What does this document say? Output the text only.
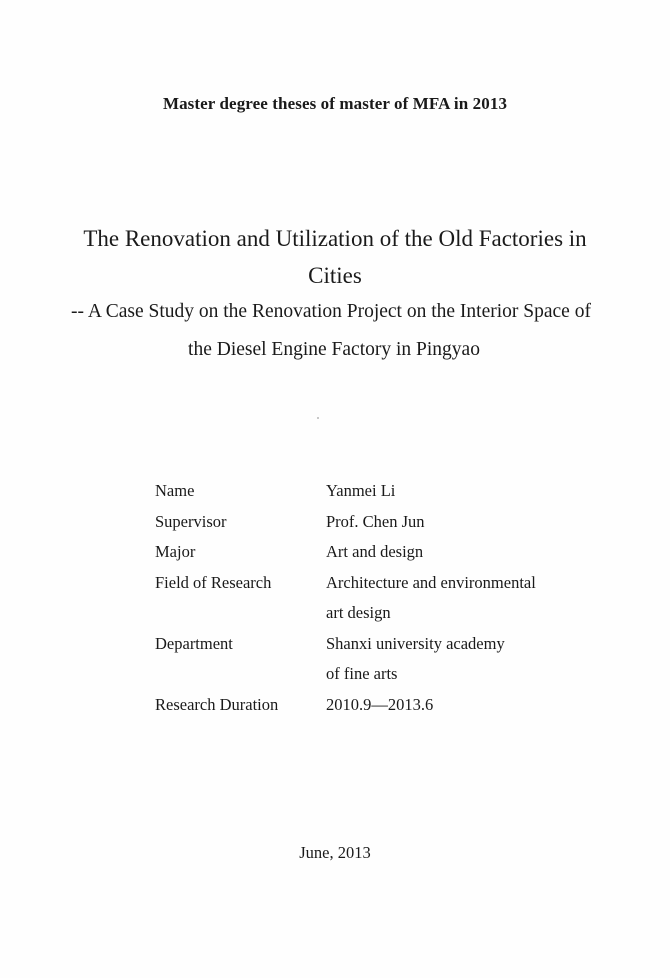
Master degree theses of master of MFA in 2013
The Renovation and Utilization of the Old Factories in
Cities
-- A Case Study on the Renovation Project on the Interior Space of
the Diesel Engine Factory in Pingyao
Name	Yanmei Li
Supervisor	Prof. Chen Jun
Major	Art and design
Field of Research	Architecture and environmental
art design
Department	Shanxi university academy
of fine arts
Research Duration	2010.9—2013.6
June, 2013
